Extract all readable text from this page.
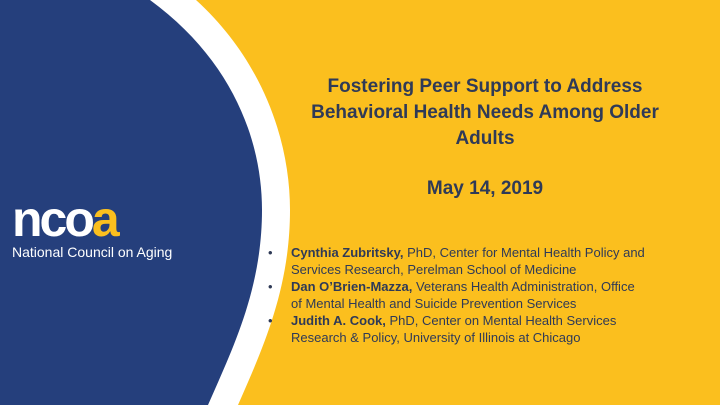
ncoa
National Council on Aging
Fostering Peer Support to Address
Behavioral Health Needs Among Older
Adults
May 14, 2019
• Cynthia Zubritsky, PhD, Center for Mental Health Policy and
Services Research, Perelman School of Medicine
• Dan O’Brien-Mazza, Veterans Health Administration, Office
of Mental Health and Suicide Prevention Services
• Judith A. Cook, PhD, Center on Mental Health Services
Research & Policy, University of Illinois at Chicago
